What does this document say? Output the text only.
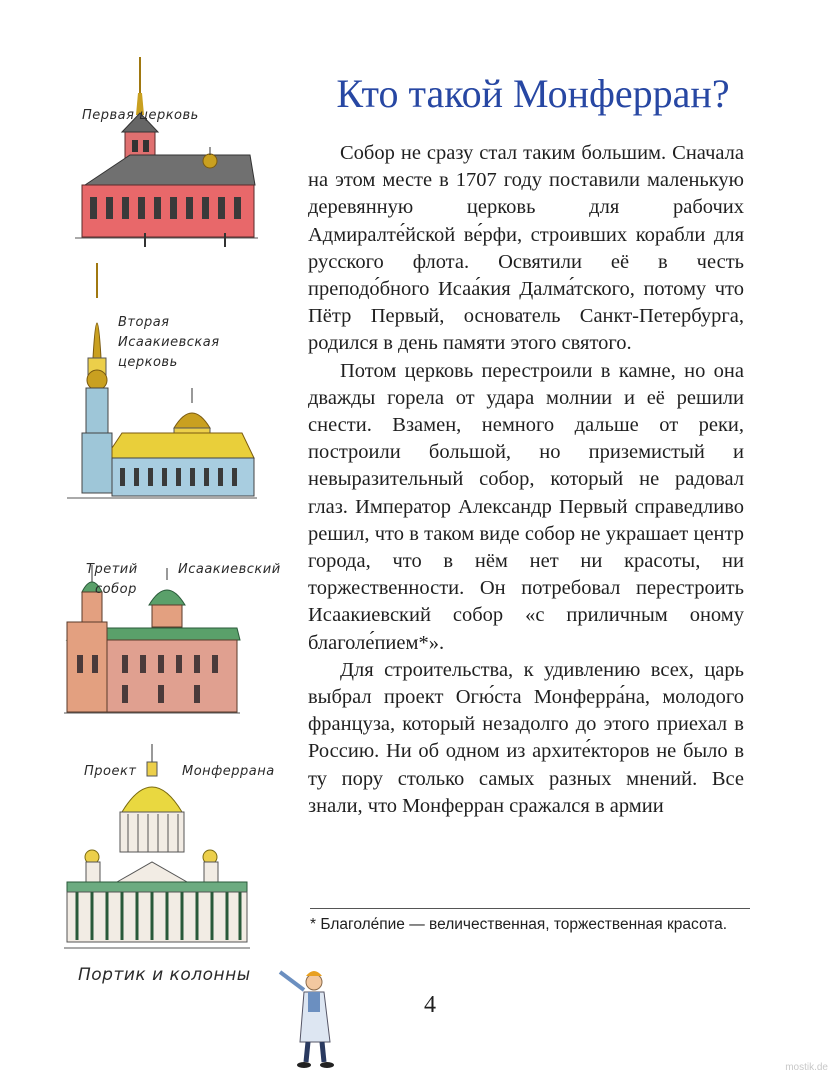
Первая церковь
Вторая
Исаакиевская
церковь
Третий	Исаакиевский
собор
Проект	Монферрана
Портик и колонны
Кто такой Монферран?

Собор не сразу стал таким большим. Сначала на этом месте в 1707 году поставили маленькую деревянную церковь для рабочих Адмиралте́йской ве́рфи, строивших корабли для русского флота. Освятили её в честь преподо́бного Исаа́кия Далма́тского, потому что Пётр Первый, основатель Санкт-Петербурга, родился в день памяти этого святого.

Потом церковь перестроили в камне, но она дважды горела от удара молнии и её решили снести. Взамен, немного дальше от реки, построили большой, но приземистый и невыразительный собор, который не радовал глаз. Император Александр Первый справедливо решил, что в таком виде собор не украшает центр города, что в нём нет ни красоты, ни торжественности. Он потребовал перестроить Исаакиевский собор «с приличным оному благоле́пием*».

Для строительства, к удивлению всех, царь выбрал проект Огю́ста Монферра́на, молодого француза, который незадолго до этого приехал в Россию. Ни об одном из архите́кторов не было в ту пору столько самых разных мнений. Все знали, что Монферран сражался в армии

* Благоле́пие — величественная, торжественная красота.

4
mostik.de
